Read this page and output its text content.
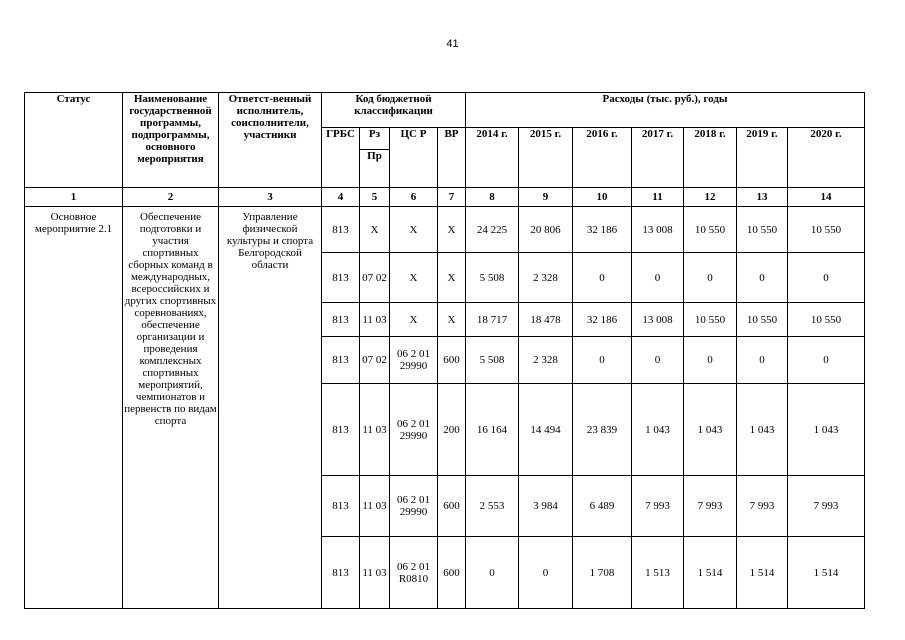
41
Статус	Наименование государственной программы, подпрограммы, основного мероприятия	Ответст-венный исполнитель, соисполнители, участники	Код бюджетной классификации				Расходы (тыс. руб.), годы						
			ГРБС	Рз	ЦС Р	ВР	2014 г.	2015 г.	2016 г.	2017 г.	2018 г.	2019 г.	2020 г.
				Пр									
1	2	3	4	5	6	7	8	9	10	11	12	13	14
Основное мероприятие 2.1	Обеспечение подготовки и участия спортивных сборных команд в международных, всероссийских и других спортивных соревнованиях, обеспечение организации и проведения комплексных спортивных мероприятий, чемпионатов и первенств по видам спорта	Управление физической культуры и спорта Белгородской области	813	Х	Х	Х	24 225	20 806	32 186	13 008	10 550	10 550	10 550
			813	07 02	Х	Х	5 508	2 328	0	0	0	0	0
			813	11 03	Х	Х	18 717	18 478	32 186	13 008	10 550	10 550	10 550
			813	07 02	06 2 01 29990	600	5 508	2 328	0	0	0	0	0
			813	11 03	06 2 01 29990	200	16 164	14 494	23 839	1 043	1 043	1 043	1 043
			813	11 03	06 2 01 29990	600	2 553	3 984	6 489	7 993	7 993	7 993	7 993
			813	11 03	06 2 01 R0810	600	0	0	1 708	1 513	1 514	1 514	1 514
